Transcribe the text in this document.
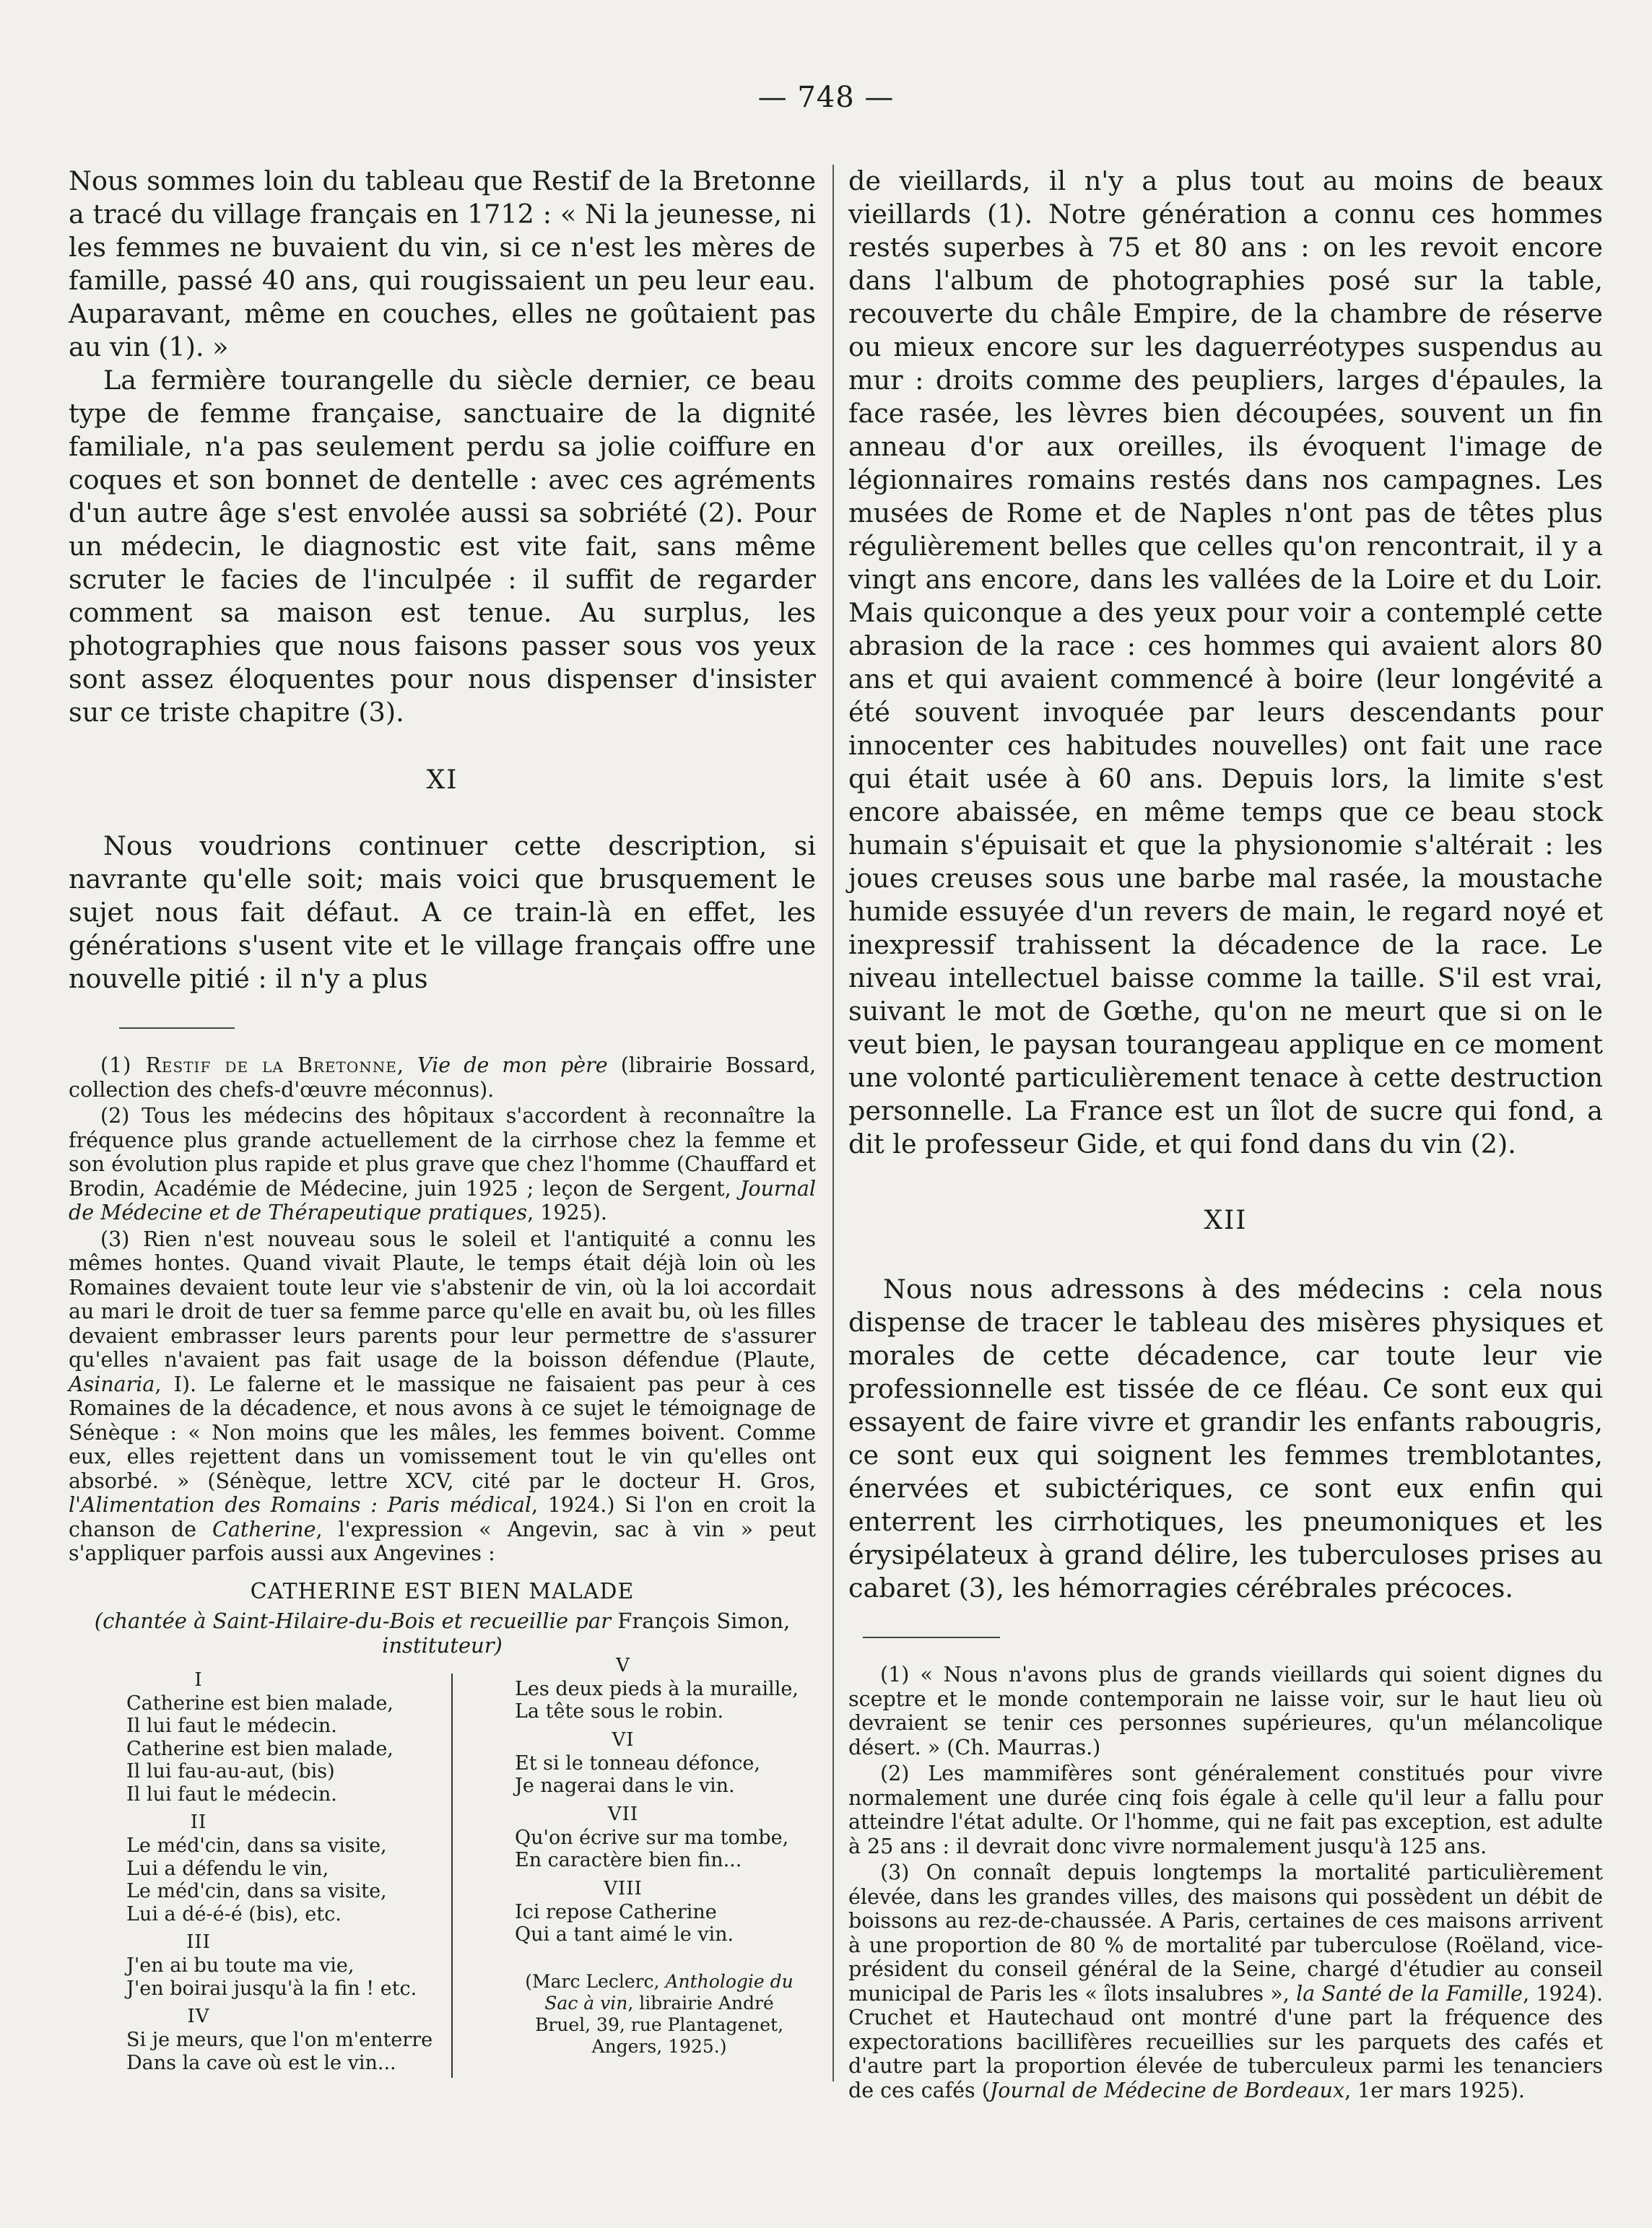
— 748 —

Nous sommes loin du tableau que Restif de la Bretonne a tracé du village français en 1712 : « Ni la jeunesse, ni les femmes ne buvaient du vin, si ce n'est les mères de famille, passé 40 ans, qui rougissaient un peu leur eau. Auparavant, même en couches, elles ne goûtaient pas au vin (1). »

La fermière tourangelle du siècle dernier, ce beau type de femme française, sanctuaire de la dignité familiale, n'a pas seulement perdu sa jolie coiffure en coques et son bonnet de dentelle : avec ces agréments d'un autre âge s'est envolée aussi sa sobriété (2). Pour un médecin, le diagnostic est vite fait, sans même scruter le facies de l'inculpée : il suffit de regarder comment sa maison est tenue. Au surplus, les photographies que nous faisons passer sous vos yeux sont assez éloquentes pour nous dispenser d'insister sur ce triste chapitre (3).

XI

Nous voudrions continuer cette description, si navrante qu'elle soit; mais voici que brusquement le sujet nous fait défaut. A ce train-là en effet, les générations s'usent vite et le village français offre une nouvelle pitié : il n'y a plus

(1) Restif de la Bretonne, Vie de mon père (librairie Bossard, collection des chefs-d'œuvre méconnus).

(2) Tous les médecins des hôpitaux s'accordent à reconnaître la fréquence plus grande actuellement de la cirrhose chez la femme et son évolution plus rapide et plus grave que chez l'homme (Chauffard et Brodin, Académie de Médecine, juin 1925 ; leçon de Sergent, Journal de Médecine et de Thérapeutique pratiques, 1925).

(3) Rien n'est nouveau sous le soleil et l'antiquité a connu les mêmes hontes. Quand vivait Plaute, le temps était déjà loin où les Romaines devaient toute leur vie s'abstenir de vin, où la loi accordait au mari le droit de tuer sa femme parce qu'elle en avait bu, où les filles devaient embrasser leurs parents pour leur permettre de s'assurer qu'elles n'avaient pas fait usage de la boisson défendue (Plaute, Asinaria, I). Le falerne et le massique ne faisaient pas peur à ces Romaines de la décadence, et nous avons à ce sujet le témoignage de Sénèque : « Non moins que les mâles, les femmes boivent. Comme eux, elles rejettent dans un vomissement tout le vin qu'elles ont absorbé. » (Sénèque, lettre XCV, cité par le docteur H. Gros, l'Alimentation des Romains : Paris médical, 1924.) Si l'on en croit la chanson de Catherine, l'expression « Angevin, sac à vin » peut s'appliquer parfois aussi aux Angevines :

CATHERINE EST BIEN MALADE

(chantée à Saint-Hilaire-du-Bois et recueillie par François Simon,

instituteur)

I
Catherine est bien malade,
Il lui faut le médecin.
Catherine est bien malade,
Il lui fau-au-aut, (bis)
Il lui faut le médecin.
II
Le méd'cin, dans sa visite,
Lui a défendu le vin,
Le méd'cin, dans sa visite,
Lui a dé-é-é (bis), etc.
III
J'en ai bu toute ma vie,
J'en boirai jusqu'à la fin ! etc.
IV
Si je meurs, que l'on m'enterre
Dans la cave où est le vin...
V
Les deux pieds à la muraille,
La tête sous le robin.
VI
Et si le tonneau défonce,
Je nagerai dans le vin.
VII
Qu'on écrive sur ma tombe,
En caractère bien fin...
VIII
Ici repose Catherine
Qui a tant aimé le vin.
(Marc Leclerc, Anthologie du Sac à vin, librairie André Bruel, 39, rue Plantagenet, Angers, 1925.)

de vieillards, il n'y a plus tout au moins de beaux vieillards (1). Notre génération a connu ces hommes restés superbes à 75 et 80 ans : on les revoit encore dans l'album de photographies posé sur la table, recouverte du châle Empire, de la chambre de réserve ou mieux encore sur les daguerréotypes suspendus au mur : droits comme des peupliers, larges d'épaules, la face rasée, les lèvres bien découpées, souvent un fin anneau d'or aux oreilles, ils évoquent l'image de légionnaires romains restés dans nos campagnes. Les musées de Rome et de Naples n'ont pas de têtes plus régulièrement belles que celles qu'on rencontrait, il y a vingt ans encore, dans les vallées de la Loire et du Loir. Mais quiconque a des yeux pour voir a contemplé cette abrasion de la race : ces hommes qui avaient alors 80 ans et qui avaient commencé à boire (leur longévité a été souvent invoquée par leurs descendants pour innocenter ces habitudes nouvelles) ont fait une race qui était usée à 60 ans. Depuis lors, la limite s'est encore abaissée, en même temps que ce beau stock humain s'épuisait et que la physionomie s'altérait : les joues creuses sous une barbe mal rasée, la moustache humide essuyée d'un revers de main, le regard noyé et inexpressif trahissent la décadence de la race. Le niveau intellectuel baisse comme la taille. S'il est vrai, suivant le mot de Gœthe, qu'on ne meurt que si on le veut bien, le paysan tourangeau applique en ce moment une volonté particulièrement tenace à cette destruction personnelle. La France est un îlot de sucre qui fond, a dit le professeur Gide, et qui fond dans du vin (2).

XII

Nous nous adressons à des médecins : cela nous dispense de tracer le tableau des misères physiques et morales de cette décadence, car toute leur vie professionnelle est tissée de ce fléau. Ce sont eux qui essayent de faire vivre et grandir les enfants rabougris, ce sont eux qui soignent les femmes tremblotantes, énervées et subictériques, ce sont eux enfin qui enterrent les cirrhotiques, les pneumoniques et les érysipélateux à grand délire, les tuberculoses prises au cabaret (3), les hémorragies cérébrales précoces.

(1) « Nous n'avons plus de grands vieillards qui soient dignes du sceptre et le monde contemporain ne laisse voir, sur le haut lieu où devraient se tenir ces personnes supérieures, qu'un mélancolique désert. » (Ch. Maurras.)

(2) Les mammifères sont généralement constitués pour vivre normalement une durée cinq fois égale à celle qu'il leur a fallu pour atteindre l'état adulte. Or l'homme, qui ne fait pas exception, est adulte à 25 ans : il devrait donc vivre normalement jusqu'à 125 ans.

(3) On connaît depuis longtemps la mortalité particulièrement élevée, dans les grandes villes, des maisons qui possèdent un débit de boissons au rez-de-chaussée. A Paris, certaines de ces maisons arrivent à une proportion de 80 % de mortalité par tuberculose (Roëland, vice-président du conseil général de la Seine, chargé d'étudier au conseil municipal de Paris les « îlots insalubres », la Santé de la Famille, 1924). Cruchet et Hautechaud ont montré d'une part la fréquence des expectorations bacillifères recueillies sur les parquets des cafés et d'autre part la proportion élevée de tuberculeux parmi les tenanciers de ces cafés (Journal de Médecine de Bordeaux, 1er mars 1925).
